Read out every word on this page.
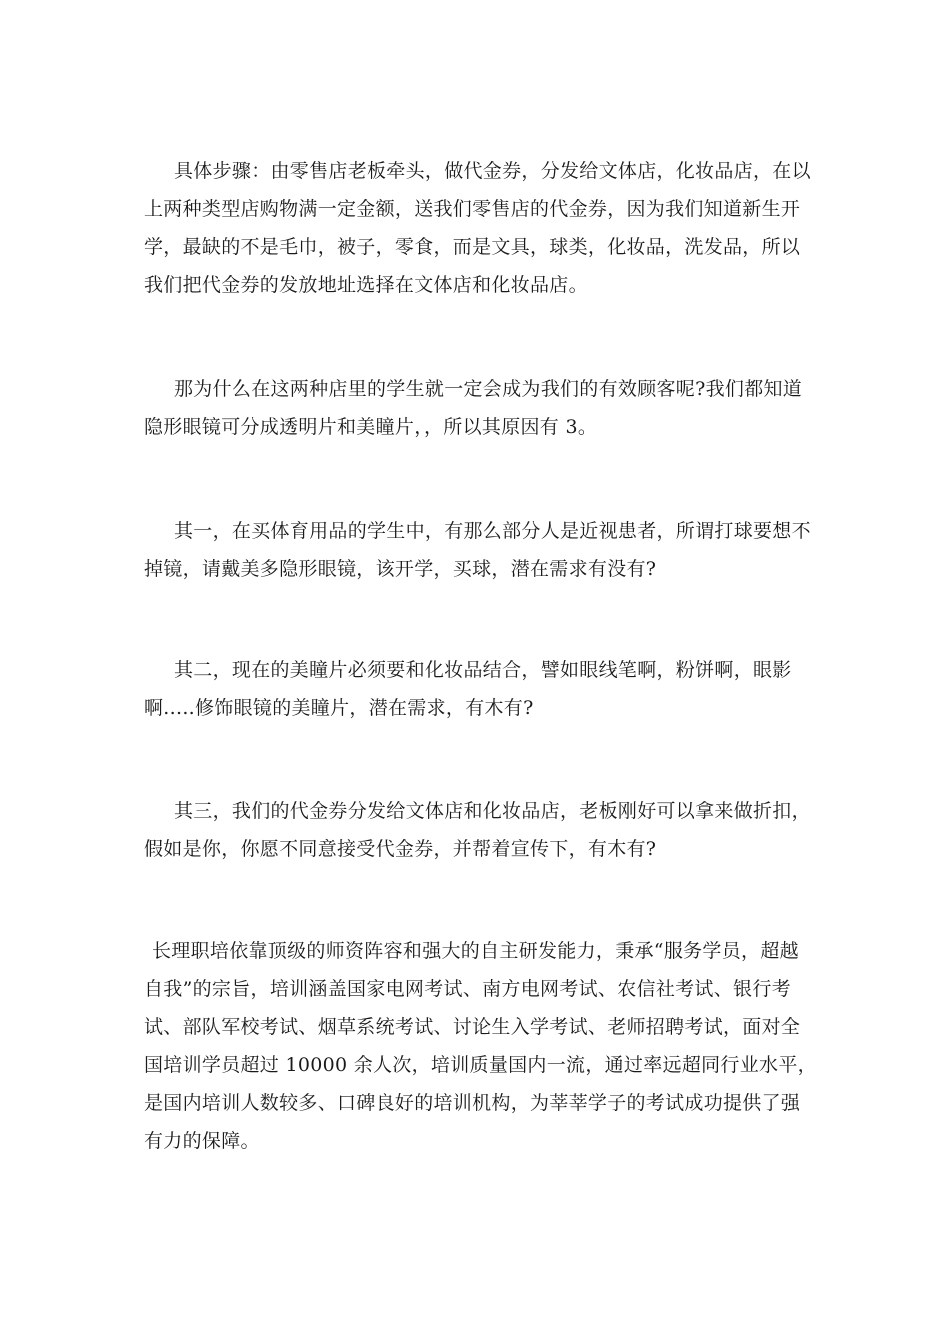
具体步骤：由零售店老板牵头，做代金券，分发给文体店，化妆品店，在以
上两种类型店购物满一定金额，送我们零售店的代金券，因为我们知道新生开
学，最缺的不是毛巾，被子，零食，而是文具，球类，化妆品，洗发品，所以
我们把代金券的发放地址选择在文体店和化妆品店。
那为什么在这两种店里的学生就一定会成为我们的有效顾客呢?我们都知道
隐形眼镜可分成透明片和美瞳片，，所以其原因有 3。
其一，在买体育用品的学生中，有那么部分人是近视患者，所谓打球要想不
掉镜，请戴美多隐形眼镜，该开学，买球，潜在需求有没有?
其二，现在的美瞳片必须要和化妆品结合，譬如眼线笔啊，粉饼啊，眼影
啊.....修饰眼镜的美瞳片，潜在需求，有木有?
其三，我们的代金券分发给文体店和化妆品店，老板刚好可以拿来做折扣，
假如是你，你愿不同意接受代金券，并帮着宣传下，有木有?
长理职培依靠顶级的师资阵容和强大的自主研发能力，秉承“服务学员，超越
自我”的宗旨，培训涵盖国家电网考试、南方电网考试、农信社考试、银行考
试、部队军校考试、烟草系统考试、讨论生入学考试、老师招聘考试，面对全
国培训学员超过 10000 余人次，培训质量国内一流，通过率远超同行业水平，
是国内培训人数较多、口碑良好的培训机构，为莘莘学子的考试成功提供了强
有力的保障。
